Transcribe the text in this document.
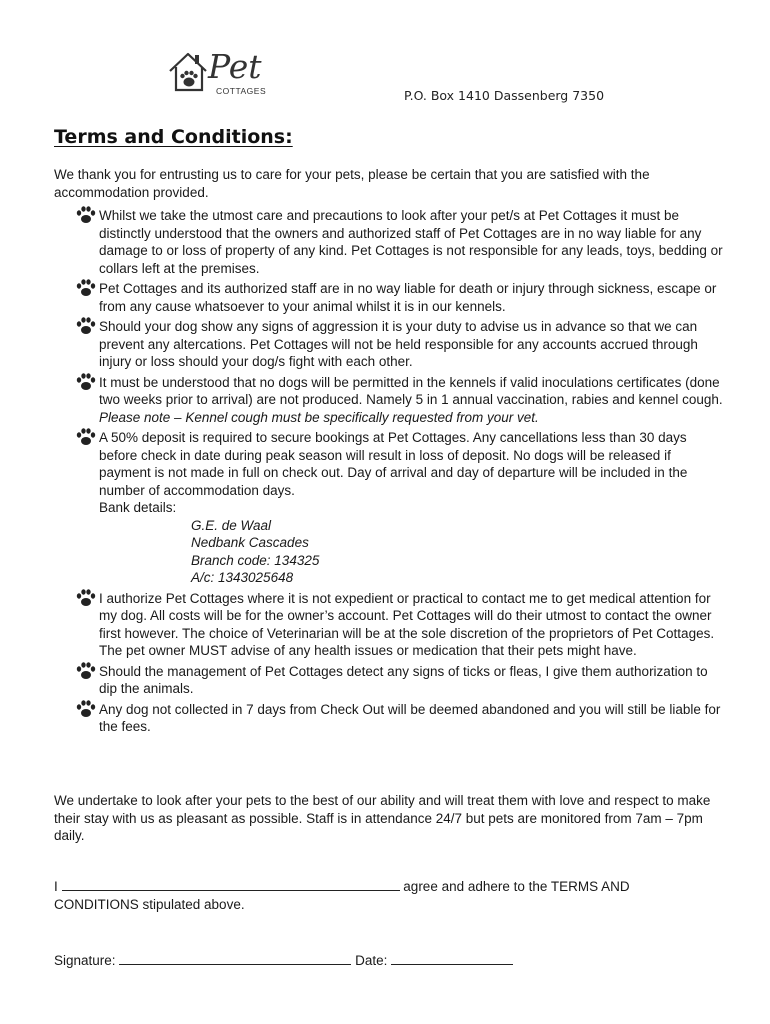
Pet
COTTAGES	P.O. Box 1410 Dassenberg 7350
Terms and Conditions:

We thank you for entrusting us to care for your pets, please be certain that you are satisfied with the accommodation provided.

Whilst we take the utmost care and precautions to look after your pet/s at Pet Cottages it must be distinctly understood that the owners and authorized staff of Pet Cottages are in no way liable for any damage to or loss of property of any kind. Pet Cottages is not responsible for any leads, toys, bedding or collars left at the premises.
Pet Cottages and its authorized staff are in no way liable for death or injury through sickness, escape or from any cause whatsoever to your animal whilst it is in our kennels.
Should your dog show any signs of aggression it is your duty to advise us in advance so that we can prevent any altercations. Pet Cottages will not be held responsible for any accounts accrued through injury or loss should your dog/s fight with each other.
It must be understood that no dogs will be permitted in the kennels if valid inoculations certificates (done two weeks prior to arrival) are not produced. Namely 5 in 1 annual vaccination, rabies and kennel cough. Please note – Kennel cough must be specifically requested from your vet.
A 50% deposit is required to secure bookings at Pet Cottages. Any cancellations less than 30 days before check in date during peak season will result in loss of deposit. No dogs will be released if payment is not made in full on check out. Day of arrival and day of departure will be included in the number of accommodation days.
Bank details:
G.E. de Waal
Nedbank Cascades
Branch code: 134325
A/c: 1343025648
I authorize Pet Cottages where it is not expedient or practical to contact me to get medical attention for my dog. All costs will be for the owner’s account. Pet Cottages will do their utmost to contact the owner first however. The choice of Veterinarian will be at the sole discretion of the proprietors of Pet Cottages. The pet owner MUST advise of any health issues or medication that their pets might have.
Should the management of Pet Cottages detect any signs of ticks or fleas, I give them authorization to dip the animals.
Any dog not collected in 7 days from Check Out will be deemed abandoned and you will still be liable for the fees.

We undertake to look after your pets to the best of our ability and will treat them with love and respect to make their stay with us as pleasant as possible. Staff is in attendance 24/7 but pets are monitored from 7am – 7pm daily.

I	agree and adhere to the TERMS AND
CONDITIONS stipulated above.

Signature:	Date:
